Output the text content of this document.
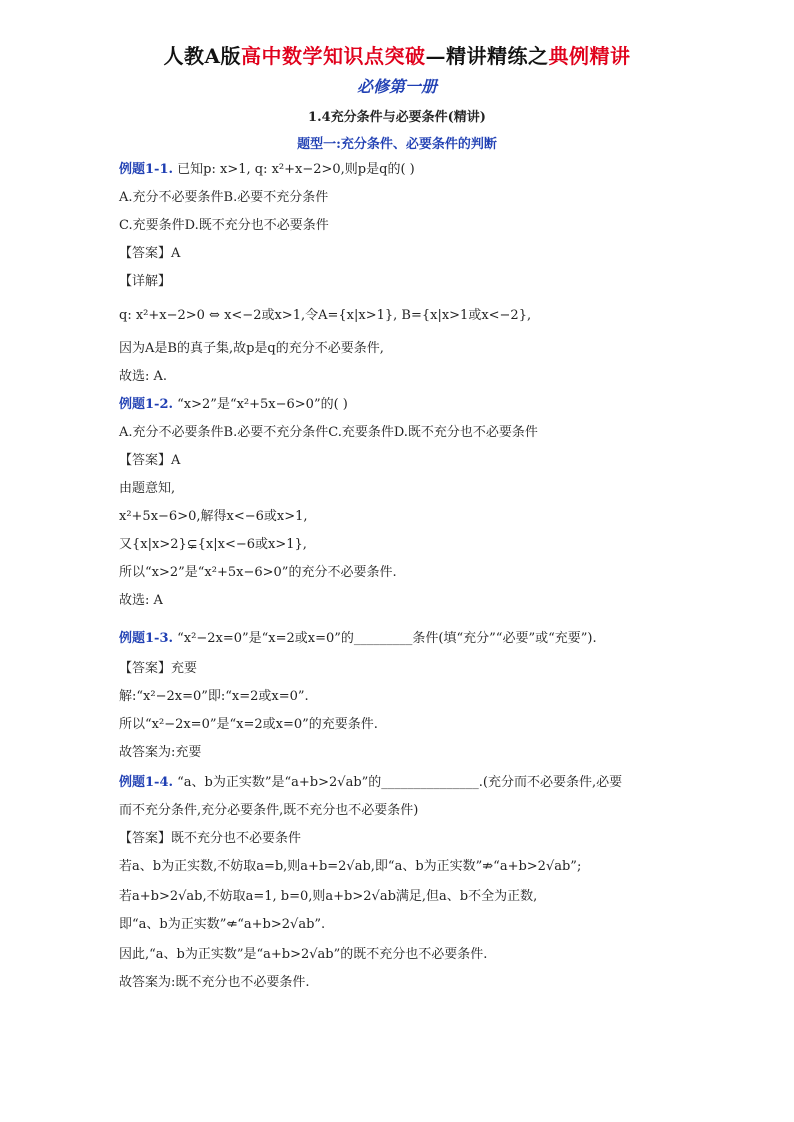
人教A版高中数学知识点突破—精讲精练之典例精讲
必修第一册
1.4充分条件与必要条件(精讲)
题型一:充分条件、必要条件的判断
例题1-1. 已知p: x>1, q: x²+x−2>0,则p是q的( )
A.充分不必要条件B.必要不充分条件
C.充要条件D.既不充分也不必要条件
【答案】A
【详解】
q: x²+x−2>0 ⇔ x<−2或x>1,令A={x|x>1}, B={x|x>1或x<−2},
因为A是B的真子集,故p是q的充分不必要条件,
故选: A.
例题1-2. “x>2”是“x²+5x−6>0”的( )
A.充分不必要条件B.必要不充分条件C.充要条件D.既不充分也不必要条件
【答案】A
由题意知,
x²+5x−6>0,解得x<−6或x>1,
又{x|x>2}⊊{x|x<−6或x>1},
所以“x>2”是“x²+5x−6>0”的充分不必要条件.
故选: A
例题1-3. “x²−2x=0”是“x=2或x=0”的_________条件(填“充分”“必要”或“充要”).
【答案】充要
解:“x²−2x=0”即:“x=2或x=0”.
所以“x²−2x=0”是“x=2或x=0”的充要条件.
故答案为:充要
例题1-4. “a、b为正实数”是“a+b>2√ab”的_______________.(充分而不必要条件,必要
而不充分条件,充分必要条件,既不充分也不必要条件)
【答案】既不充分也不必要条件
若a、b为正实数,不妨取a=b,则a+b=2√ab,即“a、b为正实数”⇏“a+b>2√ab”;
若a+b>2√ab,不妨取a=1, b=0,则a+b>2√ab满足,但a、b不全为正数,
即“a、b为正实数”⇍“a+b>2√ab”.
因此,“a、b为正实数”是“a+b>2√ab”的既不充分也不必要条件.
故答案为:既不充分也不必要条件.
